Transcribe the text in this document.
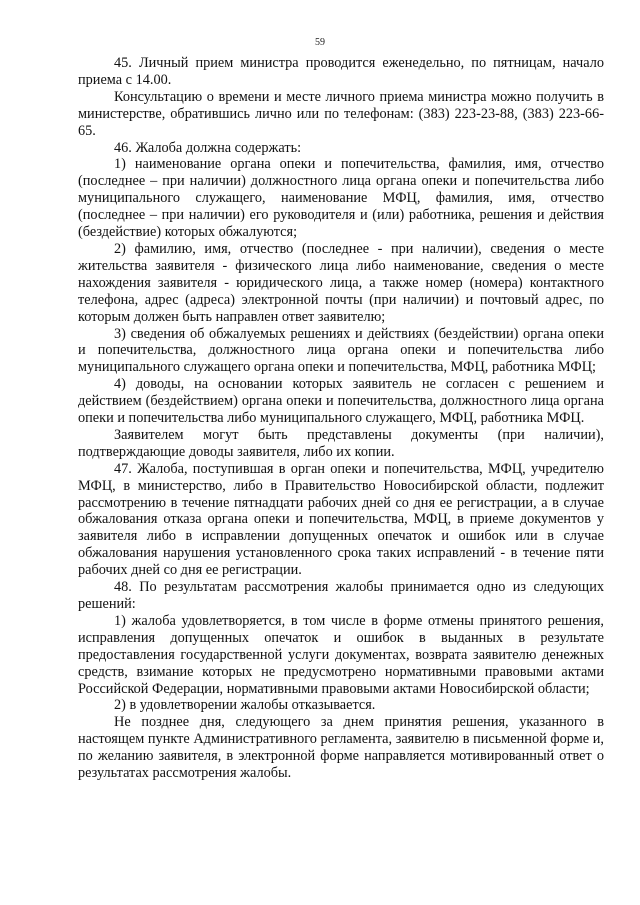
59

45. Личный прием министра проводится еженедельно, по пятницам, начало приема с 14.00.

Консультацию о времени и месте личного приема министра можно получить в министерстве, обратившись лично или по телефонам: (383) 223-23-88, (383) 223-66-65.

46. Жалоба должна содержать:

1) наименование органа опеки и попечительства, фамилия, имя, отчество (последнее – при наличии) должностного лица органа опеки и попечительства либо муниципального служащего, наименование МФЦ, фамилия, имя, отчество (последнее – при наличии) его руководителя и (или) работника, решения и действия (бездействие) которых обжалуются;

2) фамилию, имя, отчество (последнее - при наличии), сведения о месте жительства заявителя - физического лица либо наименование, сведения о месте нахождения заявителя - юридического лица, а также номер (номера) контактного телефона, адрес (адреса) электронной почты (при наличии) и почтовый адрес, по которым должен быть направлен ответ заявителю;

3) сведения об обжалуемых решениях и действиях (бездействии) органа опеки и попечительства, должностного лица органа опеки и попечительства либо муниципального служащего органа опеки и попечительства, МФЦ, работника МФЦ;

4) доводы, на основании которых заявитель не согласен с решением и действием (бездействием) органа опеки и попечительства, должностного лица органа опеки и попечительства либо муниципального служащего, МФЦ, работника МФЦ.

Заявителем могут быть представлены документы (при наличии), подтверждающие доводы заявителя, либо их копии.

47. Жалоба, поступившая в орган опеки и попечительства, МФЦ, учредителю МФЦ, в министерство, либо в Правительство Новосибирской области, подлежит рассмотрению в течение пятнадцати рабочих дней со дня ее регистрации, а в случае обжалования отказа органа опеки и попечительства, МФЦ, в приеме документов у заявителя либо в исправлении допущенных опечаток и ошибок или в случае обжалования нарушения установленного срока таких исправлений - в течение пяти рабочих дней со дня ее регистрации.

48. По результатам рассмотрения жалобы принимается одно из следующих решений:

1) жалоба удовлетворяется, в том числе в форме отмены принятого решения, исправления допущенных опечаток и ошибок в выданных в результате предоставления государственной услуги документах, возврата заявителю денежных средств, взимание которых не предусмотрено нормативными правовыми актами Российской Федерации, нормативными правовыми актами Новосибирской области;

2) в удовлетворении жалобы отказывается.

Не позднее дня, следующего за днем принятия решения, указанного в настоящем пункте Административного регламента, заявителю в письменной форме и, по желанию заявителя, в электронной форме направляется мотивированный ответ о результатах рассмотрения жалобы.
